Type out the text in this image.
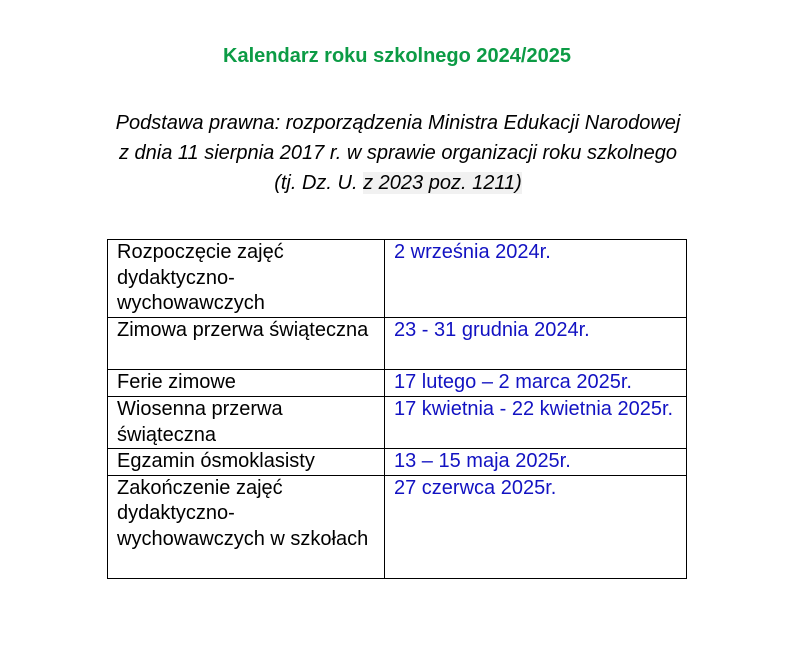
Kalendarz roku szkolnego 2024/2025
Podstawa prawna: rozporządzenia Ministra Edukacji Narodowej
z dnia 11 sierpnia 2017 r. w sprawie organizacji roku szkolnego
(tj. Dz. U. z 2023 poz. 1211)
Rozpoczęcie zajęć dydaktyczno-wychowawczych	2 września 2024r.
Zimowa przerwa świąteczna	23 - 31 grudnia 2024r.
Ferie zimowe	17 lutego – 2 marca 2025r.
Wiosenna przerwa świąteczna	17 kwietnia - 22 kwietnia 2025r.
Egzamin ósmoklasisty	13 – 15 maja 2025r.
Zakończenie zajęć dydaktyczno-wychowawczych w szkołach	27 czerwca 2025r.
